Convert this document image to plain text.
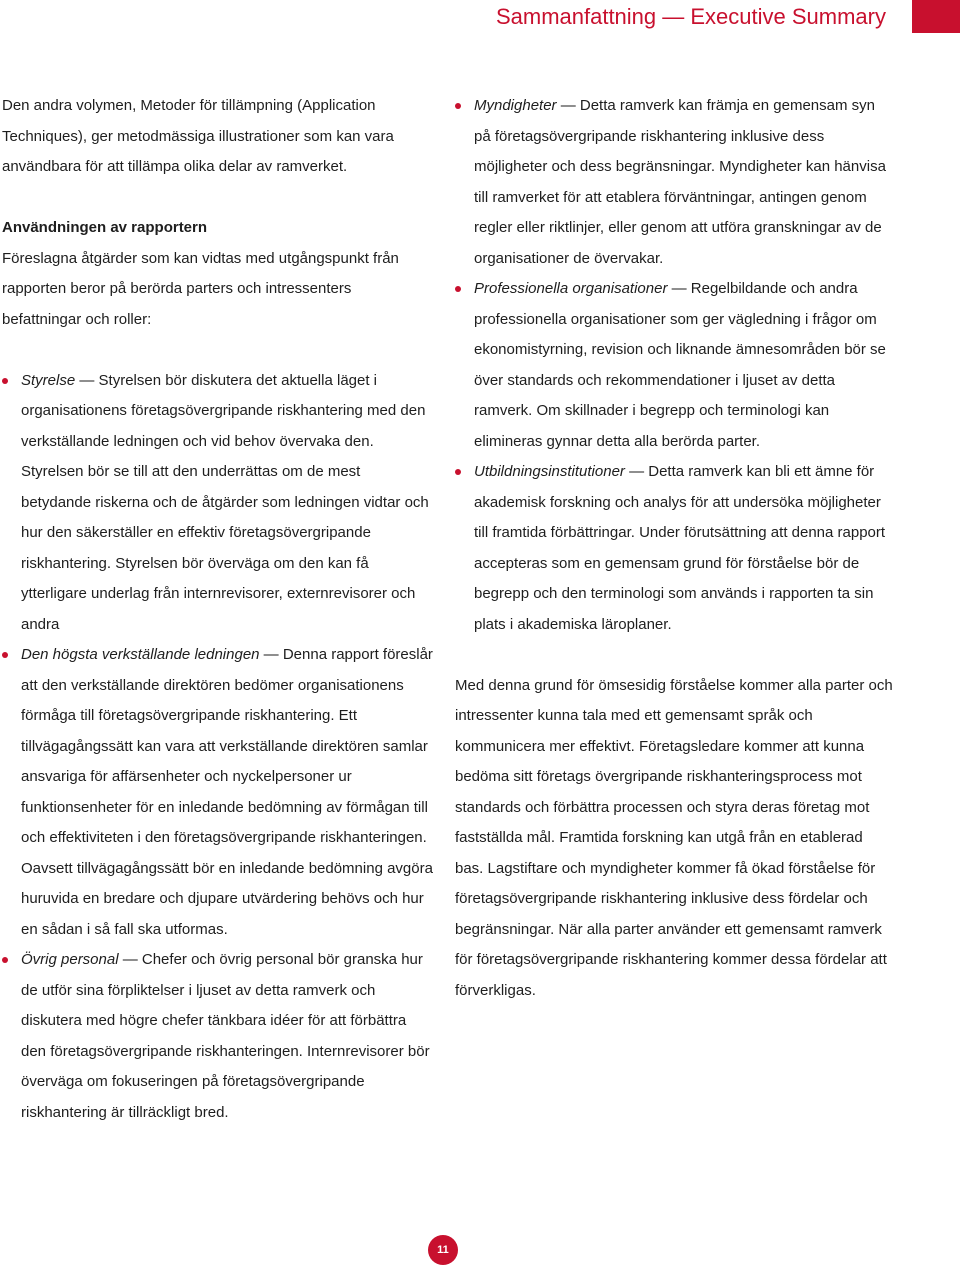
Sammanfattning — Executive Summary

Den andra volymen, Metoder för tillämpning (Application Techniques), ger metodmässiga illustrationer som kan vara användbara för att tillämpa olika delar av ramverket.

Användningen av rapportern

Föreslagna åtgärder som kan vidtas med utgångspunkt från rapporten beror på berörda parters och intressenters befattningar och roller:

Styrelse — Styrelsen bör diskutera det aktuella läget i organisationens företagsövergripande riskhantering med den verkställande ledningen och vid behov övervaka den. Styrelsen bör se till att den underrättas om de mest betydande riskerna och de åtgärder som ledningen vidtar och hur den säkerställer en effektiv företagsövergripande riskhantering. Styrelsen bör överväga om den kan få ytterligare underlag från internrevisorer, externrevisorer och andra

Den högsta verkställande ledningen — Denna rapport föreslår att den verkställande direktören bedömer organisationens förmåga till företagsövergripande riskhantering. Ett tillvägagångssätt kan vara att verkställande direktören samlar ansvariga för affärsenheter och nyckelpersoner ur funktionsenheter för en inledande bedömning av förmågan till och effektiviteten i den företagsövergripande riskhanteringen. Oavsett tillvägagångssätt bör en inledande bedömning avgöra huruvida en bredare och djupare utvärdering behövs och hur en sådan i så fall ska utformas.

Övrig personal — Chefer och övrig personal bör granska hur de utför sina förpliktelser i ljuset av detta ramverk och diskutera med högre chefer tänkbara idéer för att förbättra den företagsövergripande riskhanteringen. Internrevisorer bör överväga om fokuseringen på företagsövergripande riskhantering är tillräckligt bred.

Myndigheter — Detta ramverk kan främja en gemensam syn på företagsövergripande riskhantering inklusive dess möjligheter och dess begränsningar. Myndigheter kan hänvisa till ramverket för att etablera förväntningar, antingen genom regler eller riktlinjer, eller genom att utföra granskningar av de organisationer de övervakar.

Professionella organisationer — Regelbildande och andra professionella organisationer som ger vägledning i frågor om ekonomistyrning, revision och liknande ämnesområden bör se över standards och rekommendationer i ljuset av detta ramverk. Om skillnader i begrepp och terminologi kan elimineras gynnar detta alla berörda parter.

Utbildningsinstitutioner — Detta ramverk kan bli ett ämne för akademisk forskning och analys för att undersöka möjligheter till framtida förbättringar. Under förutsättning att denna rapport accepteras som en gemensam grund för förståelse bör de begrepp och den terminologi som används i rapporten ta sin plats i akademiska läroplaner.

Med denna grund för ömsesidig förståelse kommer alla parter och intressenter kunna tala med ett gemensamt språk och kommunicera mer effektivt. Företagsledare kommer att kunna bedöma sitt företags övergripande riskhanteringsprocess mot standards och förbättra processen och styra deras företag mot fastställda mål. Framtida forskning kan utgå från en etablerad bas. Lagstiftare och myndigheter kommer få ökad förståelse för företagsövergripande riskhantering inklusive dess fördelar och begränsningar. När alla parter använder ett gemensamt ramverk för företagsövergripande riskhantering kommer dessa fördelar att förverkligas.

11
